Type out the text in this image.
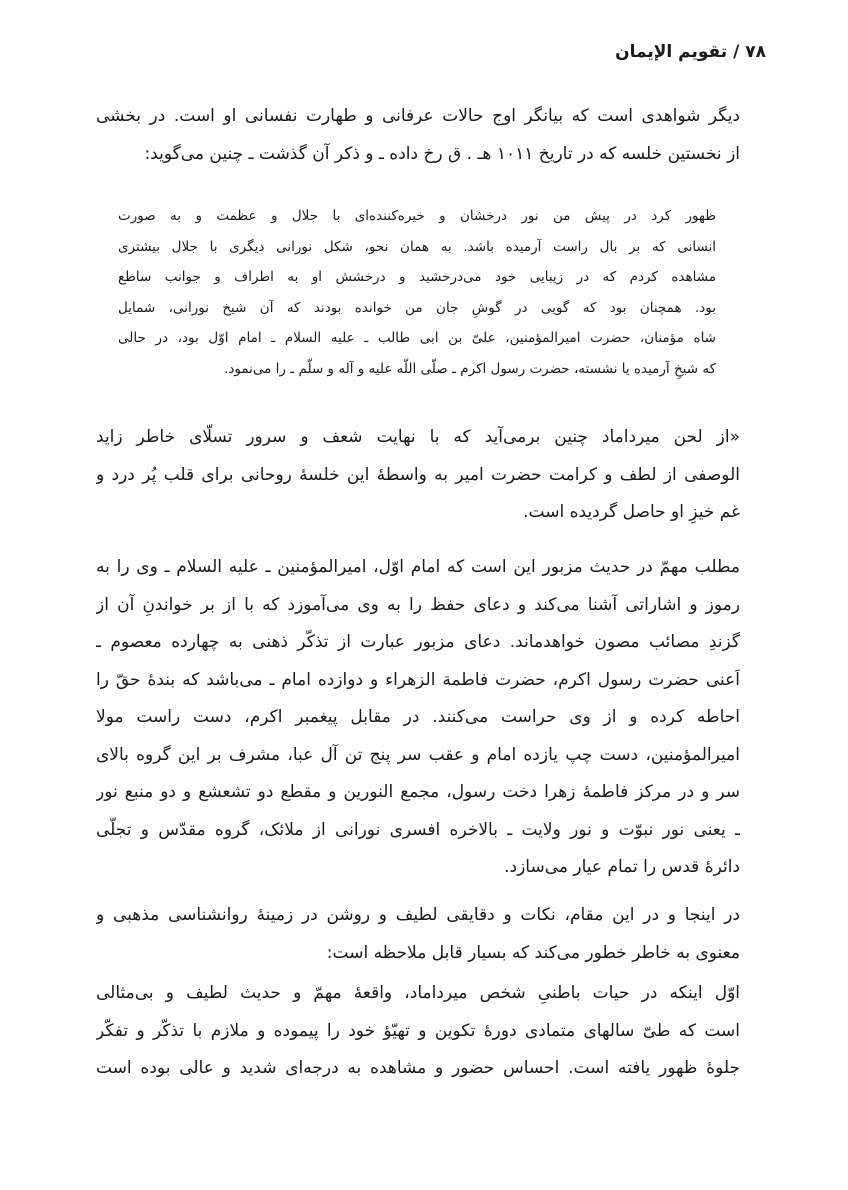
۷۸ / تقویم الإیمان
دیگر شواهدی است که بیانگر اوج حالات عرفانی و طهارت نفسانی او است. در بخشی
از نخستین خلسه که در تاریخ ۱۰۱۱ هـ . ق رخ داده ـ و ذکر آن گذشت ـ چنین می‌گوید:
ظهور کرد در پیش من نور درخشان و خیره‌کننده‌ای با جلال و عظمت و به صورت
انسانی که بر بال راست آرمیده باشد. به همان نحو، شکل نورانی دیگری با جلال بیشتری
مشاهده کردم که در زیبایی خود می‌درخشید و درخشش او به اطراف و جوانب ساطع
بود. همچنان بود که گویی در گوشِ جان من خوانده بودند که آن شیخ نورانی، شمایل
شاه مؤمنان، حضرت امیرالمؤمنین، علیّ بن ابی طالب ـ علیه السلام ـ امام اوّل بود، در حالی
که شیخِ آرمیده یا نشسته، حضرت رسول اکرم ـ صلّی اللّه علیه و آله و سلّم ـ را می‌نمود.
«از لحن میرداماد چنین برمی‌آید که با نهایت شعف و سرور تسلّای خاطر زاید
الوصفی از لطف و کرامت حضرت امیر به واسطهٔ این خلسهٔ روحانی برای قلب پُر درد و
غم خیزِ او حاصل گردیده است.
مطلب مهمّ در حدیث مزبور این است که امام اوّل، امیرالمؤمنین ـ علیه السلام ـ وی را به
رموز و اشاراتی آشنا می‌کند و دعای حفظ را به وی می‌آموزد که با از بر خواندنِ آن از
گزندِ مصائب مصون خواهدماند. دعای مزبور عبارت از تذکّر ذهنی به چهارده معصوم ـ
اَعنی حضرت رسول اکرم، حضرت فاطمة الزهراء و دوازده امام ـ می‌باشد که بندهٔ حقّ را
احاطه کرده و از وی حراست می‌کنند. در مقابل پیغمبر اکرم، دست راست مولا
امیرالمؤمنین، دست چپ یازده امام و عقب سر پنج تن آل عبا، مشرف بر این گروه بالای
سر و در مرکز فاطمهٔ زهرا دخت رسول، مجمع النورین و مقطع دو تشعشع و دو منبع نور
ـ یعنی نور نبوّت و نور ولایت ـ بالاخره افسری نورانی از ملائک، گروه مقدّس و تجلّی
دائرهٔ قدس را تمام عیار می‌سازد.
در اینجا و در این مقام، نکات و دقایقی لطیف و روشن در زمینهٔ روانشناسی مذهبی و
معنوی به خاطر خطور می‌کند که بسیار قابل ملاحظه است:
اوّل اینکه در حیات باطنیِ شخص میرداماد، واقعهٔ مهمّ و حدیث لطیف و بی‌مثالی
است که طیّ سالهای متمادی دورهٔ تکوین و تهیّؤ خود را پیموده و ملازم با تذکّر و تفکّر
جلوهٔ ظهور یافته است. احساس حضور و مشاهده به درجه‌ای شدید و عالی بوده است
